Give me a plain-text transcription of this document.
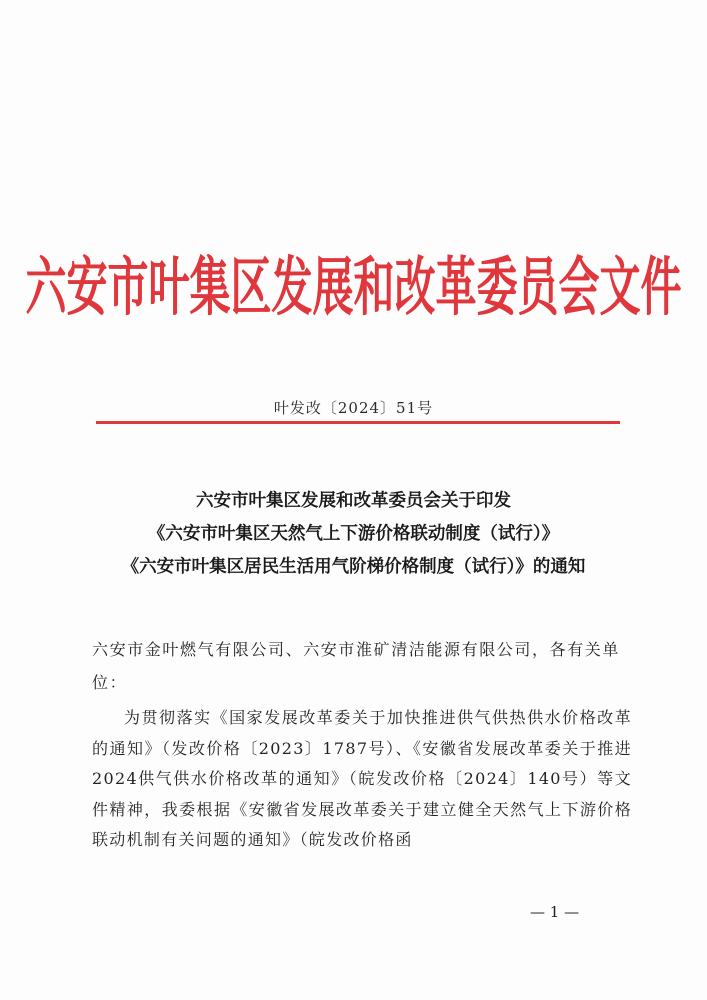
六安市叶集区发展和改革委员会文件
叶发改〔2024〕51号
六安市叶集区发展和改革委员会关于印发
《六安市叶集区天然气上下游价格联动制度（试行）》
《六安市叶集区居民生活用气阶梯价格制度（试行）》的通知
六安市金叶燃气有限公司、六安市淮矿清洁能源有限公司，各有关单位：
为贯彻落实《国家发展改革委关于加快推进供气供热供水价格改革的通知》（发改价格〔2023〕1787号）、《安徽省发展改革委关于推进2024供气供水价格改革的通知》（皖发改价格〔2024〕140号）等文件精神，我委根据《安徽省发展改革委关于建立健全天然气上下游价格联动机制有关问题的通知》（皖发改价格函
— 1 —
